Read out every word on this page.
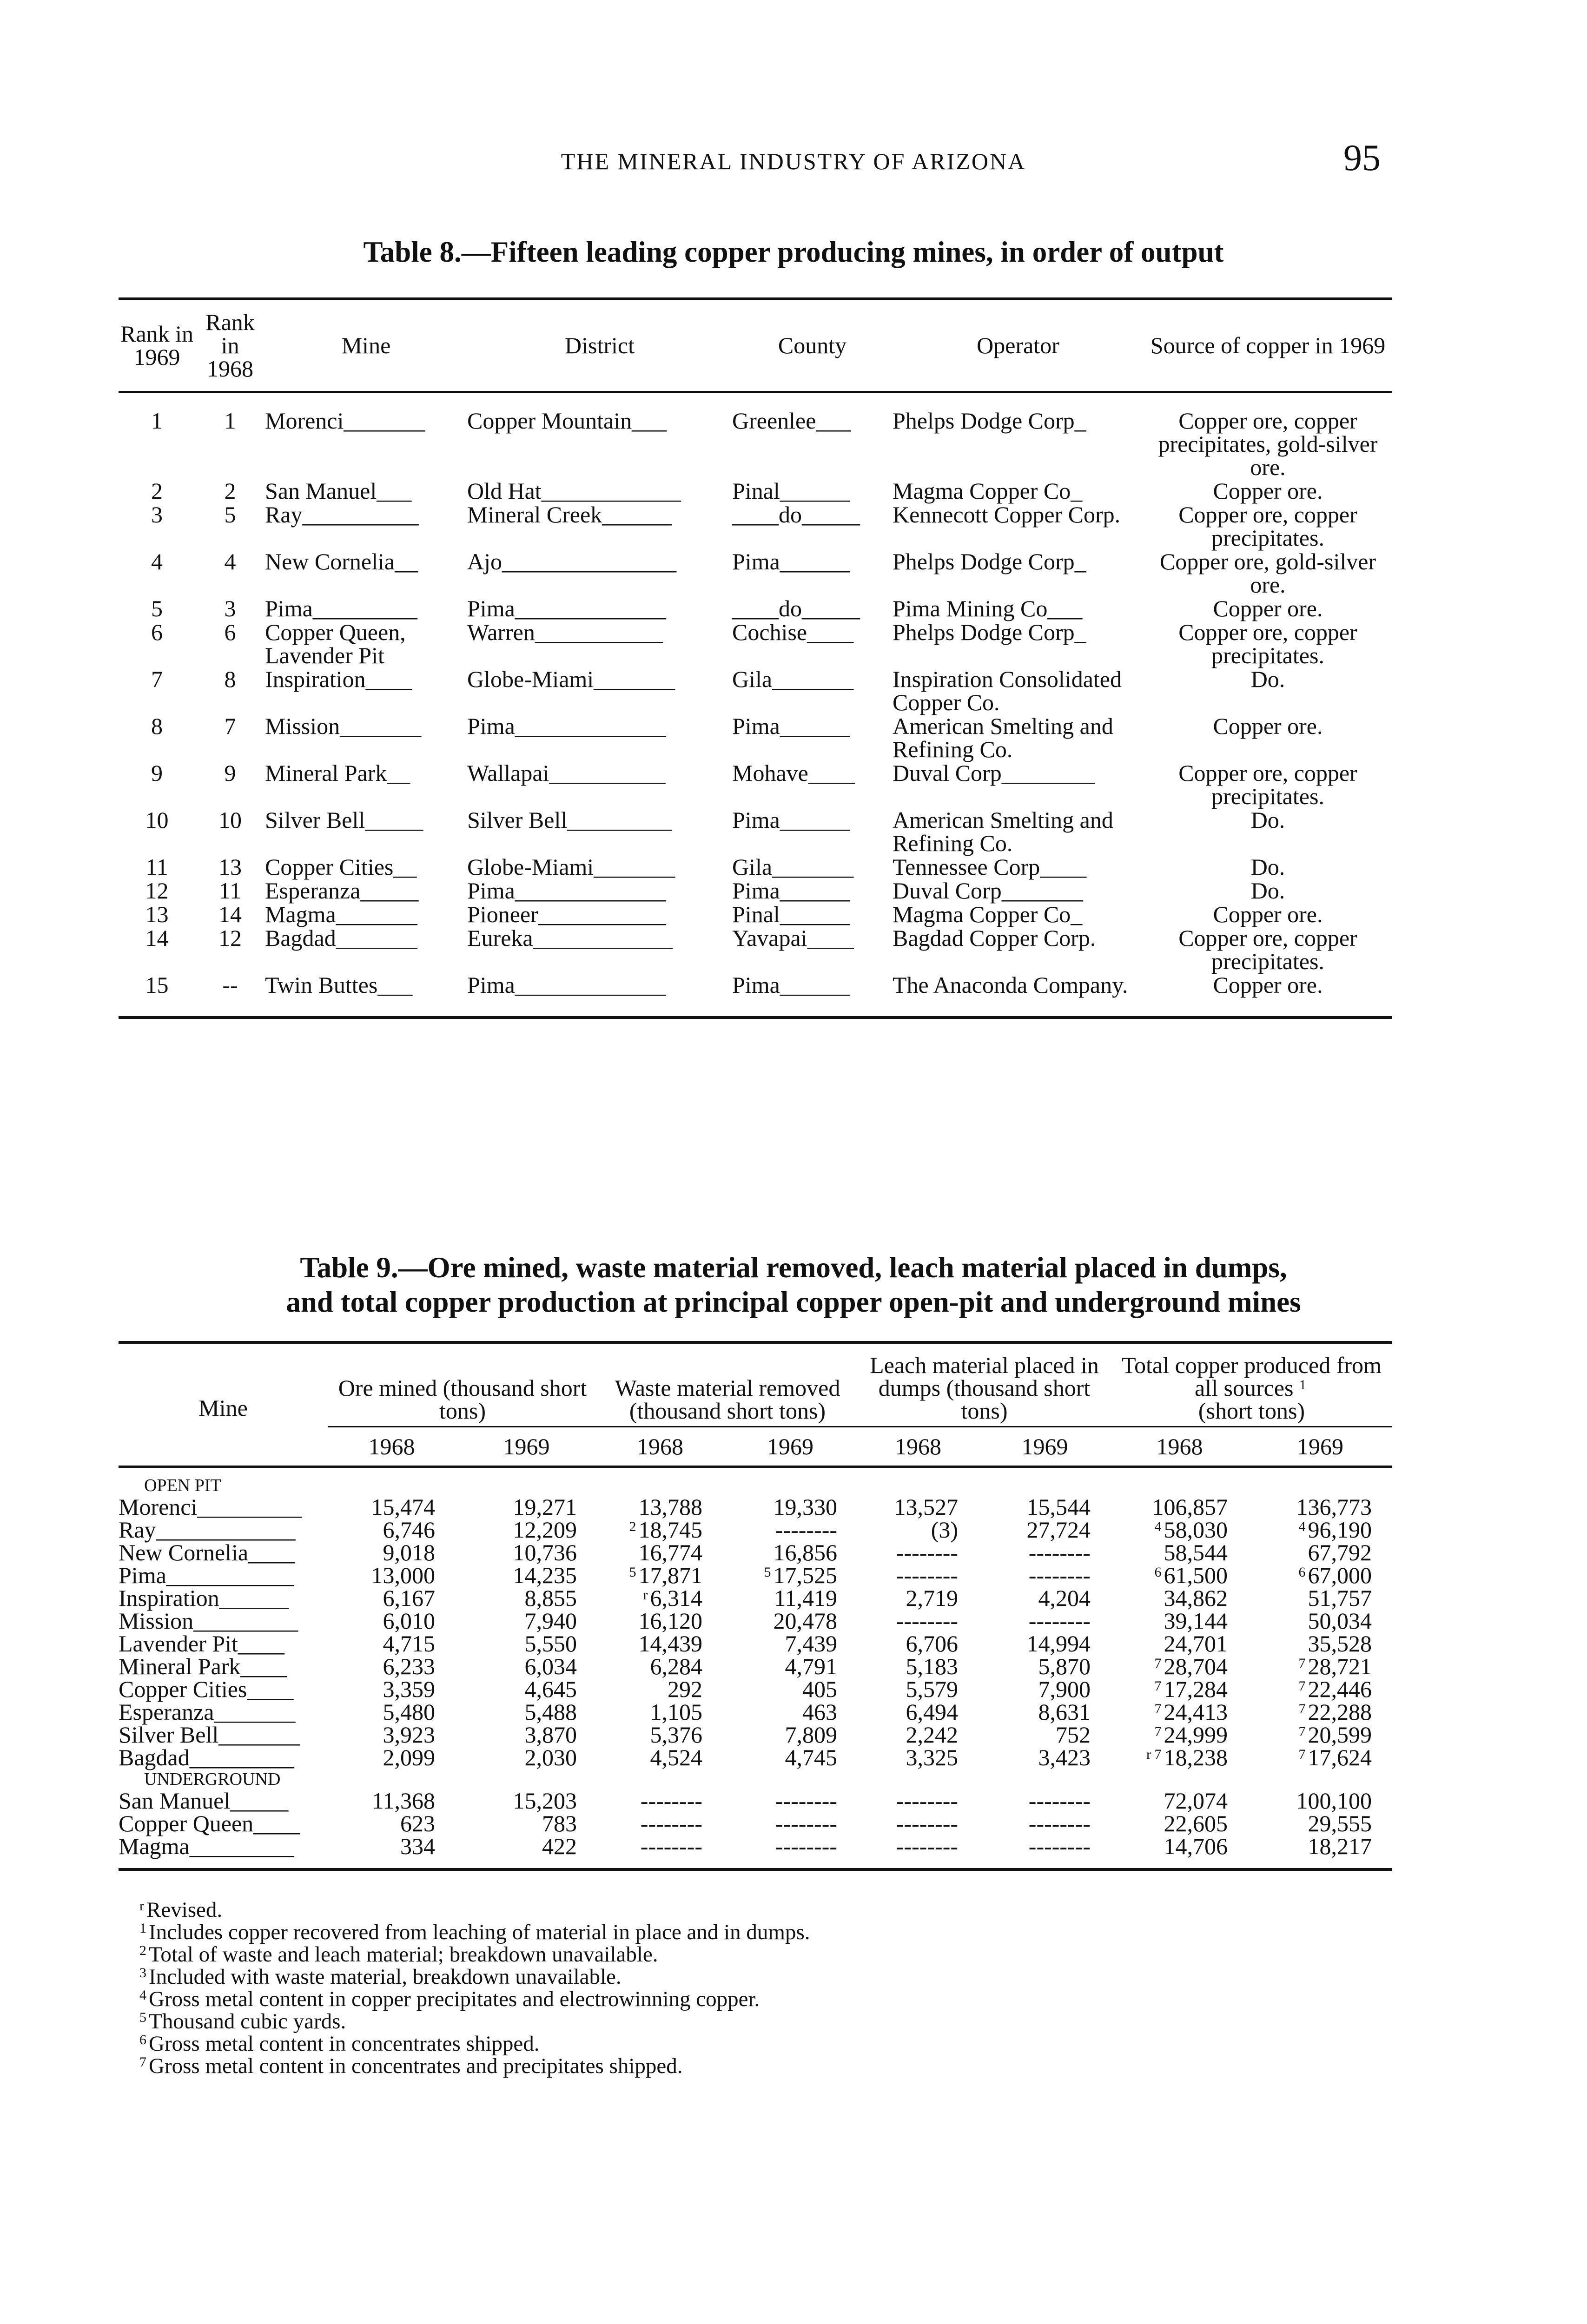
THE MINERAL INDUSTRY OF ARIZONA	95
Table 8.—Fifteen leading copper producing mines, in order of output
Rank in 1969	Rank in 1968	Mine	District	County	Operator	Source of copper in 1969
1	1	Morenci_______	Copper Mountain___	Greenlee___	Phelps Dodge Corp_	Copper ore, copper precipitates, gold-silver ore.
2	2	San Manuel___	Old Hat____________	Pinal______	Magma Copper Co_	Copper ore.
3	5	Ray__________	Mineral Creek______	____do_____	Kennecott Copper Corp.	Copper ore, copper precipitates.
4	4	New Cornelia__	Ajo_______________	Pima______	Phelps Dodge Corp_	Copper ore, gold-silver ore.
5	3	Pima_________	Pima_____________	____do_____	Pima Mining Co___	Copper ore.
6	6	Copper Queen, Lavender Pit	Warren___________	Cochise____	Phelps Dodge Corp_	Copper ore, copper precipitates.
7	8	Inspiration____	Globe-Miami_______	Gila_______	Inspiration Consolidated Copper Co.	Do.
8	7	Mission_______	Pima_____________	Pima______	American Smelting and Refining Co.	Copper ore.
9	9	Mineral Park__	Wallapai__________	Mohave____	Duval Corp________	Copper ore, copper precipitates.
10	10	Silver Bell_____	Silver Bell_________	Pima______	American Smelting and Refining Co.	Do.
11	13	Copper Cities__	Globe-Miami_______	Gila_______	Tennessee Corp____	Do.
12	11	Esperanza_____	Pima_____________	Pima______	Duval Corp_______	Do.
13	14	Magma_______	Pioneer___________	Pinal______	Magma Copper Co_	Copper ore.
14	12	Bagdad_______	Eureka____________	Yavapai____	Bagdad Copper Corp.	Copper ore, copper precipitates.
15	--	Twin Buttes___	Pima_____________	Pima______	The Anaconda Company.	Copper ore.
Table 9.—Ore mined, waste material removed, leach material placed in dumps,
and total copper production at principal copper open-pit and underground mines
Mine	Ore mined (thousand short tons)		Waste material removed (thousand short tons)		Leach material placed in dumps (thousand short tons)		Total copper produced from all sources $^1$
(short tons)	
	1968	1969	1968	1969	1968	1969	1968	1969
OPEN PIT								
Morenci_________	15,474	19,271	13,788	19,330	13,527	15,544	106,857	136,773
Ray____________	6,746	12,209	$^2$ 18,745	--------	(3)	27,724	$^4$ 58,030	$^4$ 96,190
New Cornelia____	9,018	10,736	16,774	16,856	--------	--------	58,544	67,792
Pima___________	13,000	14,235	$^5$ 17,871	$^5$ 17,525	--------	--------	$^6$ 61,500	$^6$ 67,000
Inspiration______	6,167	8,855	$^r$ 6,314	11,419	2,719	4,204	34,862	51,757
Mission_________	6,010	7,940	16,120	20,478	--------	--------	39,144	50,034
Lavender Pit____	4,715	5,550	14,439	7,439	6,706	14,994	24,701	35,528
Mineral Park____	6,233	6,034	6,284	4,791	5,183	5,870	$^7$ 28,704	$^7$ 28,721
Copper Cities____	3,359	4,645	292	405	5,579	7,900	$^7$ 17,284	$^7$ 22,446
Esperanza_______	5,480	5,488	1,105	463	6,494	8,631	$^7$ 24,413	$^7$ 22,288
Silver Bell_______	3,923	3,870	5,376	7,809	2,242	752	$^7$ 24,999	$^7$ 20,599
Bagdad_________	2,099	2,030	4,524	4,745	3,325	3,423	$^{r 7}$ 18,238	$^7$ 17,624
UNDERGROUND								
San Manuel_____	11,368	15,203	--------	--------	--------	--------	72,074	100,100
Copper Queen____	623	783	--------	--------	--------	--------	22,605	29,555
Magma_________	334	422	--------	--------	--------	--------	14,706	18,217
$^r$ Revised.
$^1$ Includes copper recovered from leaching of material in place and in dumps.
$^2$ Total of waste and leach material; breakdown unavailable.
$^3$ Included with waste material, breakdown unavailable.
$^4$ Gross metal content in copper precipitates and electrowinning copper.
$^5$ Thousand cubic yards.
$^6$ Gross metal content in concentrates shipped.
$^7$ Gross metal content in concentrates and precipitates shipped.
